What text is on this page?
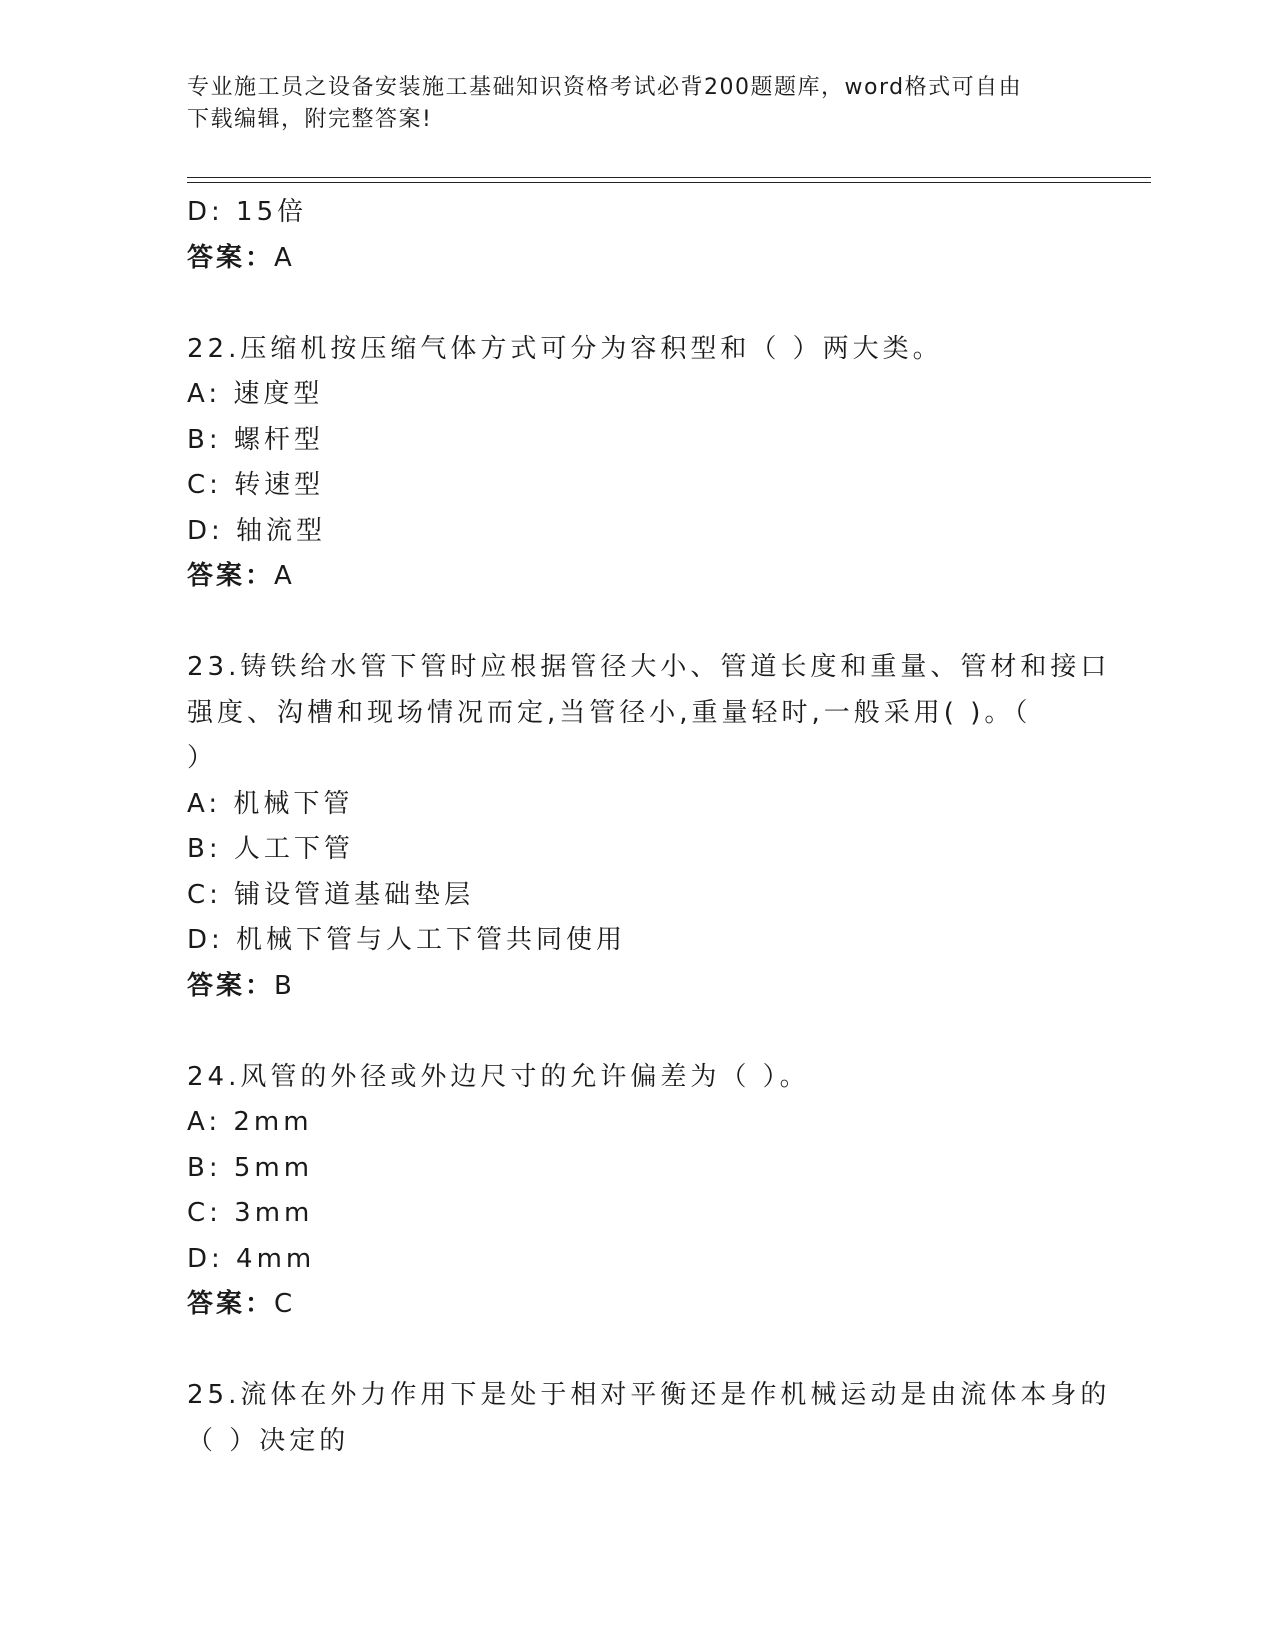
专业施工员之设备安装施工基础知识资格考试必背200题题库，word格式可自由
下载编辑，附完整答案!
D: 15倍
答案：A
22.压缩机按压缩气体方式可分为容积型和（ ）两大类。
A: 速度型
B: 螺杆型
C: 转速型
D: 轴流型
答案：A
23.铸铁给水管下管时应根据管径大小、管道长度和重量、管材和接口
强度、沟槽和现场情况而定,当管径小,重量轻时,一般采用( )。（
）
A: 机械下管
B: 人工下管
C: 铺设管道基础垫层
D: 机械下管与人工下管共同使用
答案：B
24.风管的外径或外边尺寸的允许偏差为（ ）。
A: 2mm
B: 5mm
C: 3mm
D: 4mm
答案：C
25.流体在外力作用下是处于相对平衡还是作机械运动是由流体本身的
（ ）决定的
